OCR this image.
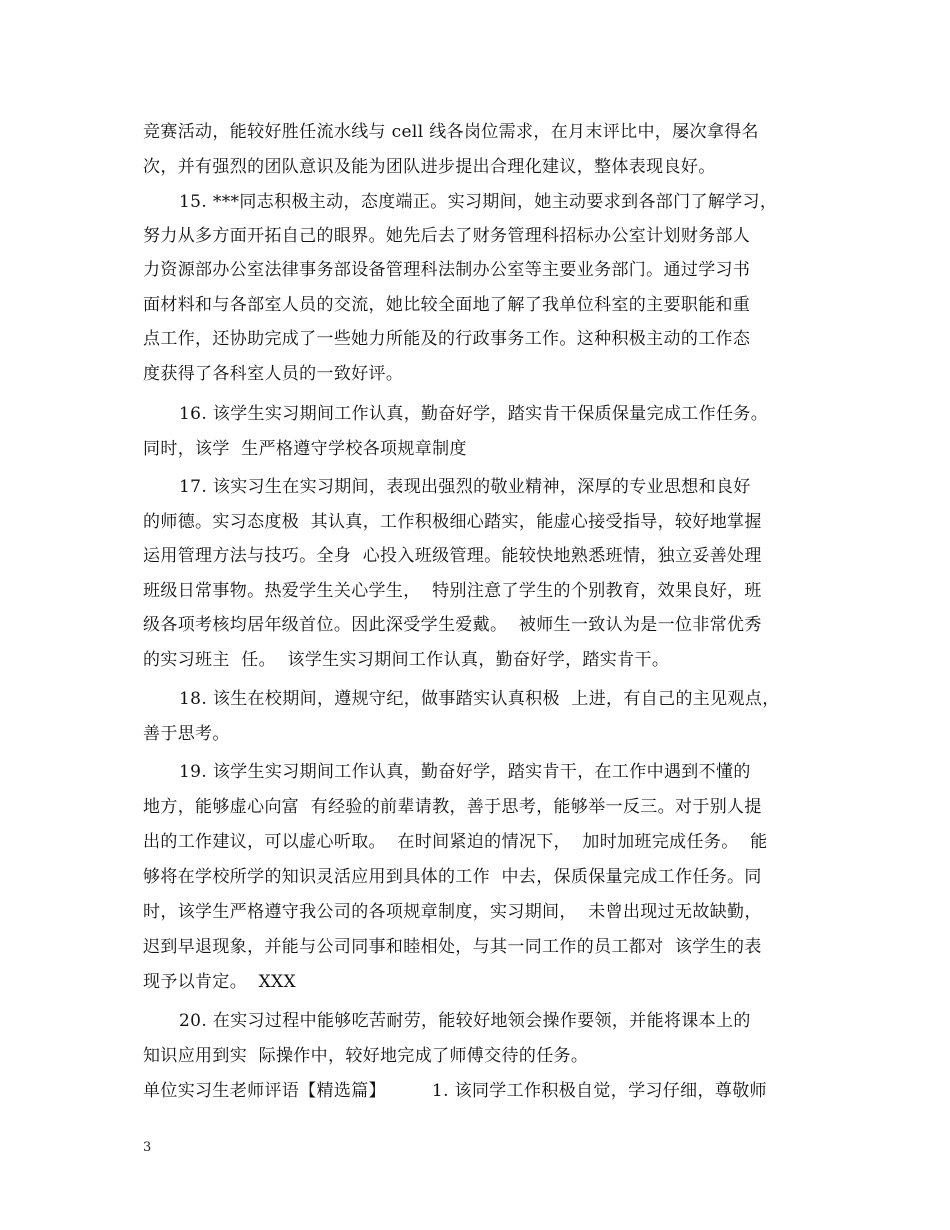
竞赛活动，能较好胜任流水线与 cell 线各岗位需求，在月末评比中，屡次拿得名
次，并有强烈的团队意识及能为团队进步提出合理化建议，整体表现良好。
15. ***同志积极主动，态度端正。实习期间，她主动要求到各部门了解学习，
努力从多方面开拓自己的眼界。她先后去了财务管理科招标办公室计划财务部人
力资源部办公室法律事务部设备管理科法制办公室等主要业务部门。通过学习书
面材料和与各部室人员的交流，她比较全面地了解了我单位科室的主要职能和重
点工作，还协助完成了一些她力所能及的行政事务工作。这种积极主动的工作态
度获得了各科室人员的一致好评。
16. 该学生实习期间工作认真，勤奋好学，踏实肯干保质保量完成工作任务。
同时，该学  生严格遵守学校各项规章制度
17. 该实习生在实习期间，表现出强烈的敬业精神，深厚的专业思想和良好
的师德。实习态度极  其认真，工作积极细心踏实，能虚心接受指导，较好地掌握
运用管理方法与技巧。全身  心投入班级管理。能较快地熟悉班情，独立妥善处理
班级日常事物。热爱学生关心学生，  特别注意了学生的个别教育，效果良好，班
级各项考核均居年级首位。因此深受学生爱戴。  被师生一致认为是一位非常优秀
的实习班主  任。  该学生实习期间工作认真，勤奋好学，踏实肯干。
18. 该生在校期间，遵规守纪，做事踏实认真积极  上进，有自己的主见观点，
善于思考。
19. 该学生实习期间工作认真，勤奋好学，踏实肯干，在工作中遇到不懂的
地方，能够虚心向富  有经验的前辈请教，善于思考，能够举一反三。对于别人提
出的工作建议，可以虚心听取。  在时间紧迫的情况下，  加时加班完成任务。  能
够将在学校所学的知识灵活应用到具体的工作  中去，保质保量完成工作任务。同
时，该学生严格遵守我公司的各项规章制度，实习期间，  未曾出现过无故缺勤，
迟到早退现象，并能与公司同事和睦相处，与其一同工作的员工都对  该学生的表
现予以肯定。  XXX
20. 在实习过程中能够吃苦耐劳，能较好地领会操作要领，并能将课本上的
知识应用到实  际操作中，较好地完成了师傅交待的任务。
单位实习生老师评语【精选篇】        1. 该同学工作积极自觉，学习仔细，尊敬师
3
